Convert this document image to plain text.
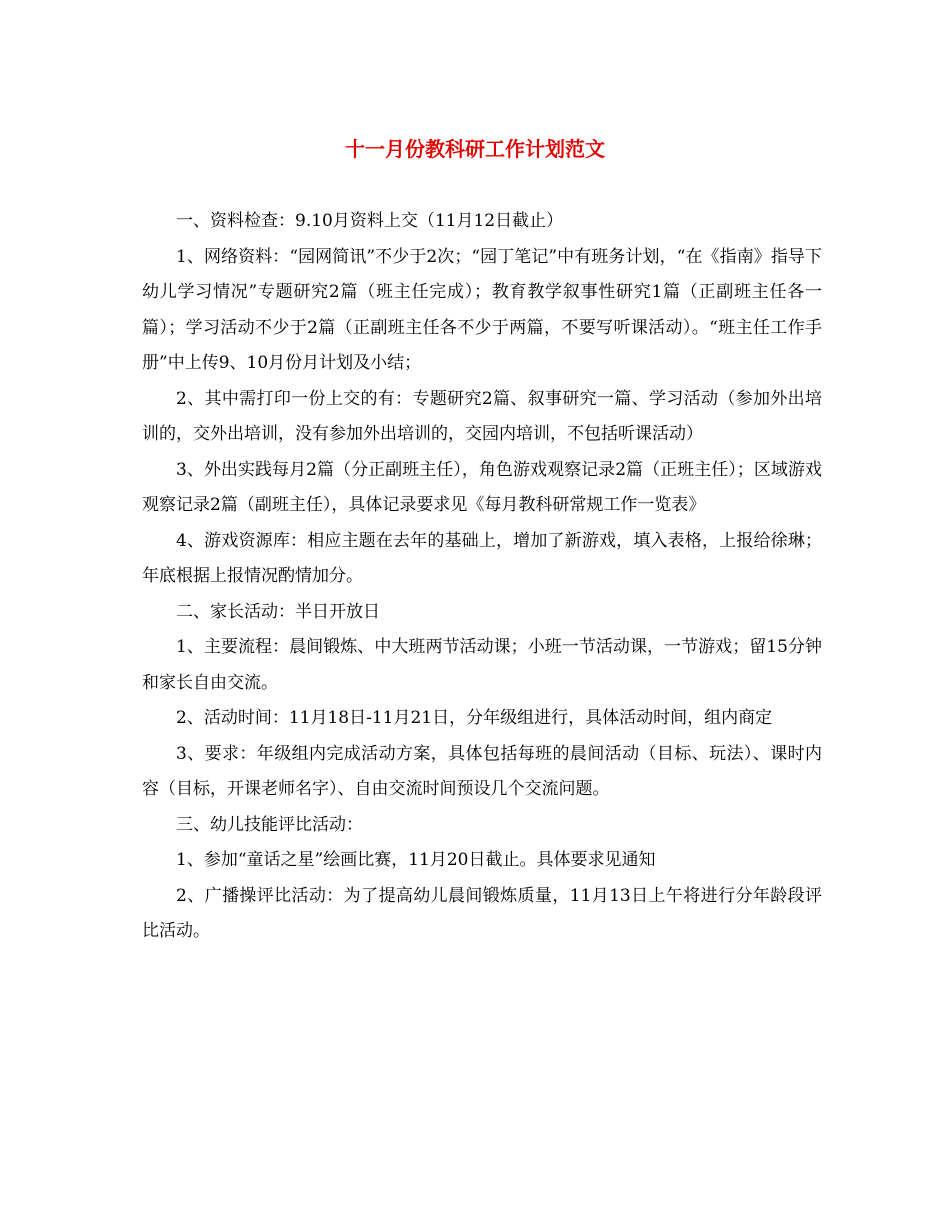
十一月份教科研工作计划范文

一、资料检查：9.10月资料上交（11月12日截止）

1、网络资料：“园网简讯”不少于2次；“园丁笔记”中有班务计划，“在《指南》指导下幼儿学习情况”专题研究2篇（班主任完成）；教育教学叙事性研究1篇（正副班主任各一篇）；学习活动不少于2篇（正副班主任各不少于两篇，不要写听课活动）。“班主任工作手册”中上传9、10月份月计划及小结；

2、其中需打印一份上交的有：专题研究2篇、叙事研究一篇、学习活动（参加外出培训的，交外出培训，没有参加外出培训的，交园内培训，不包括听课活动）

3、外出实践每月2篇（分正副班主任），角色游戏观察记录2篇（正班主任）；区域游戏观察记录2篇（副班主任），具体记录要求见《每月教科研常规工作一览表》

4、游戏资源库：相应主题在去年的基础上，增加了新游戏，填入表格，上报给徐琳；年底根据上报情况酌情加分。

二、家长活动：半日开放日

1、主要流程：晨间锻炼、中大班两节活动课；小班一节活动课，一节游戏；留15分钟和家长自由交流。

2、活动时间：11月18日-11月21日，分年级组进行，具体活动时间，组内商定

3、要求：年级组内完成活动方案，具体包括每班的晨间活动（目标、玩法）、课时内容（目标，开课老师名字）、自由交流时间预设几个交流问题。

三、幼儿技能评比活动：

1、参加“童话之星”绘画比赛，11月20日截止。具体要求见通知

2、广播操评比活动：为了提高幼儿晨间锻炼质量，11月13日上午将进行分年龄段评比活动。
